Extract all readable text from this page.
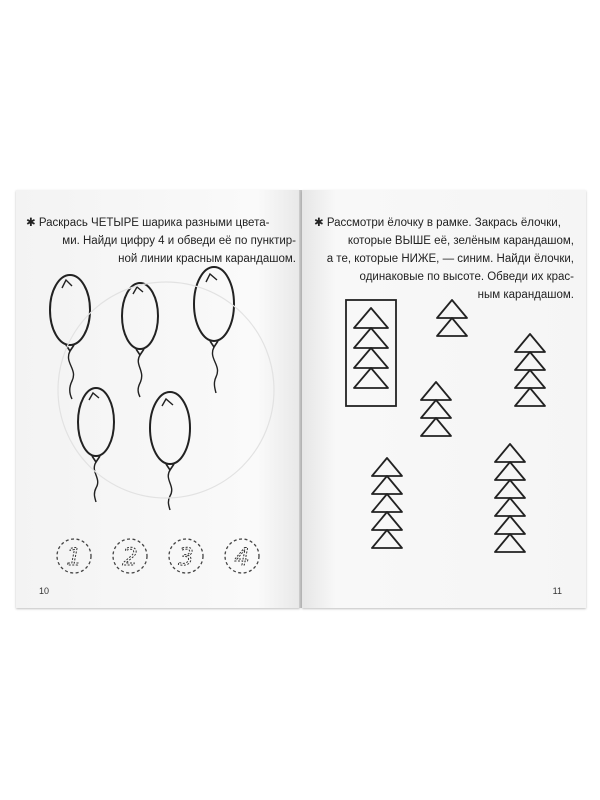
✱ Раскрась ЧЕТЫРЕ шарика разными цвета-
ми. Найди цифру 4 и обведи её по пунктир-
ной линии красным карандашом.
1 2 3 4
10
✱ Рассмотри ёлочку в рамке. Закрась ёлочки,
которые ВЫШЕ её, зелёным карандашом,
а те, которые НИЖЕ, — синим. Найди ёлочки,
одинаковые по высоте. Обведи их крас-
ным карандашом.
11
